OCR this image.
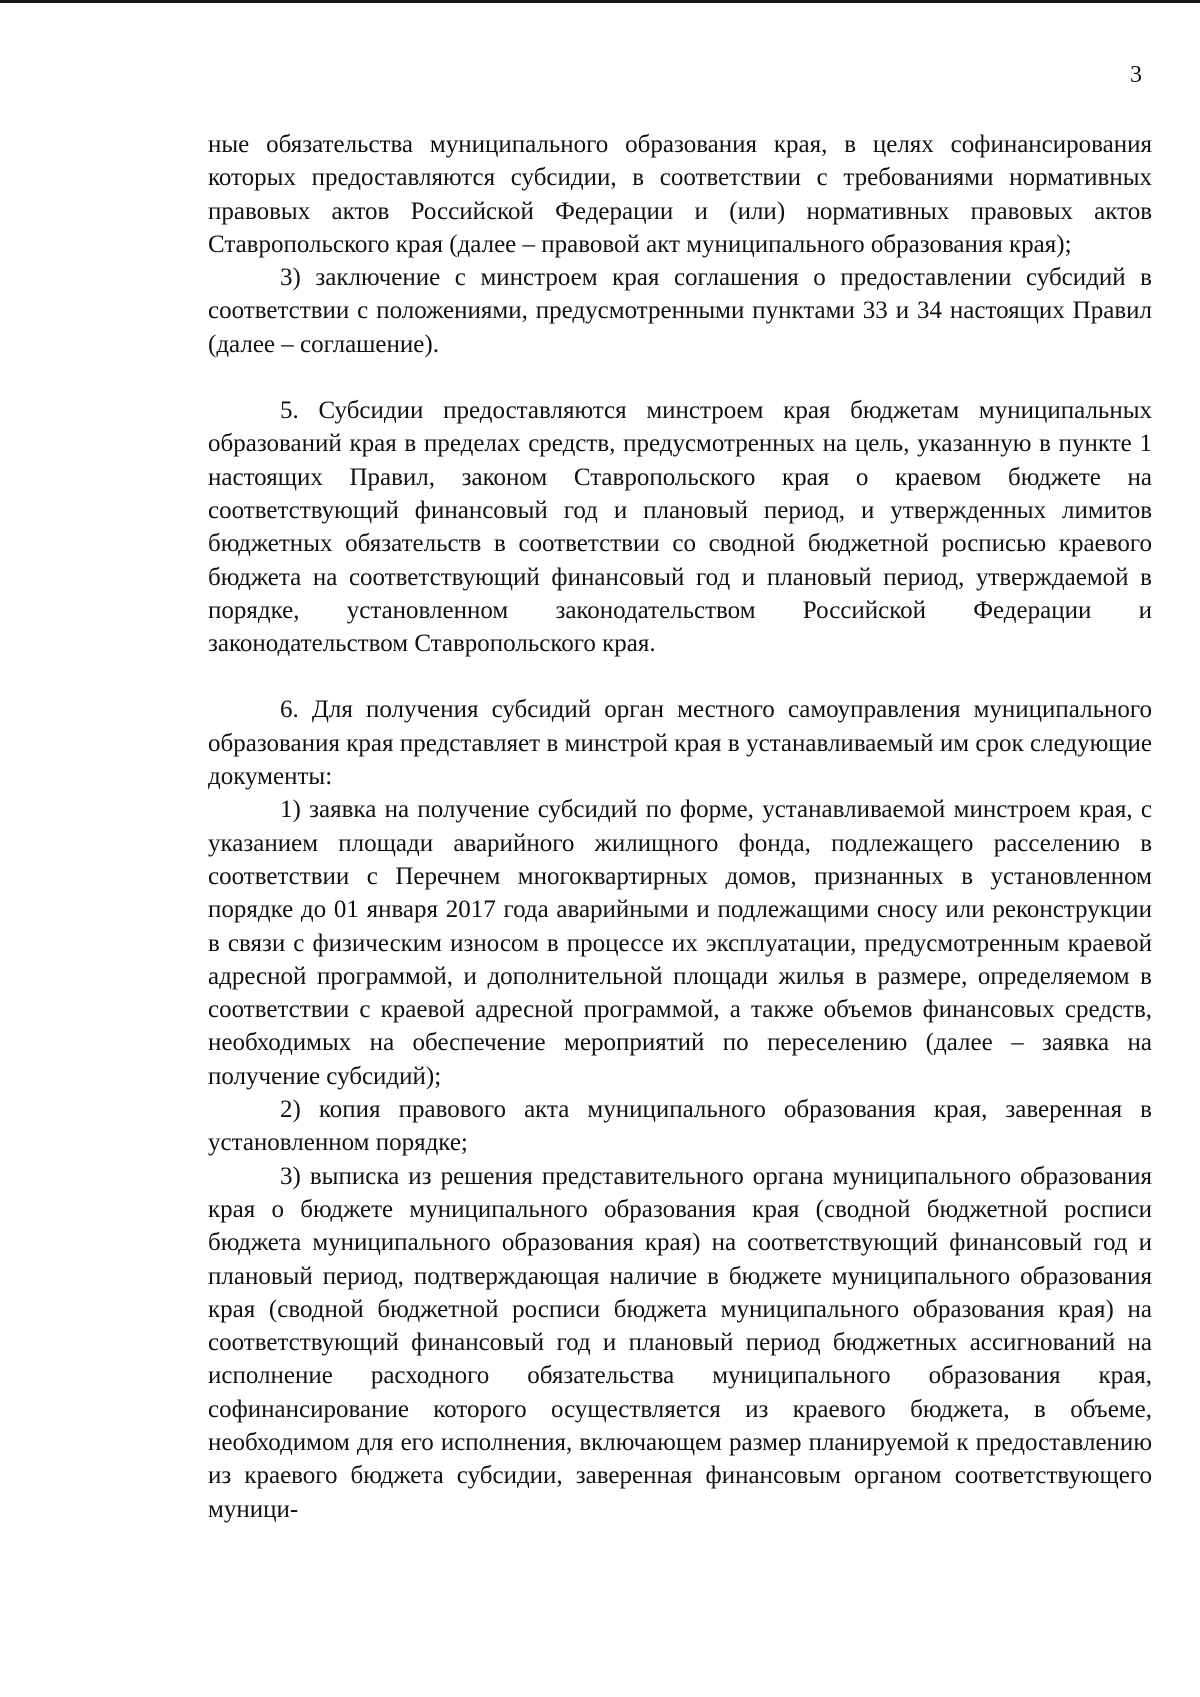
3

ные обязательства муниципального образования края, в целях софинансирования которых предоставляются субсидии, в соответствии с требованиями нормативных правовых актов Российской Федерации и (или) нормативных правовых актов Ставропольского края (далее – правовой акт муниципального образования края);

3) заключение с минстроем края соглашения о предоставлении субсидий в соответствии с положениями, предусмотренными пунктами 33 и 34 настоящих Правил (далее – соглашение).

5. Субсидии предоставляются минстроем края бюджетам муниципальных образований края в пределах средств, предусмотренных на цель, указанную в пункте 1 настоящих Правил, законом Ставропольского края о краевом бюджете на соответствующий финансовый год и плановый период, и утвержденных лимитов бюджетных обязательств в соответствии со сводной бюджетной росписью краевого бюджета на соответствующий финансовый год и плановый период, утверждаемой в порядке, установленном законодательством Российской Федерации и законодательством Ставропольского края.

6. Для получения субсидий орган местного самоуправления муниципального образования края представляет в минстрой края в устанавливаемый им срок следующие документы:

1) заявка на получение субсидий по форме, устанавливаемой минстроем края, с указанием площади аварийного жилищного фонда, подлежащего расселению в соответствии с Перечнем многоквартирных домов, признанных в установленном порядке до 01 января 2017 года аварийными и подлежащими сносу или реконструкции в связи с физическим износом в процессе их эксплуатации, предусмотренным краевой адресной программой, и дополнительной площади жилья в размере, определяемом в соответствии с краевой адресной программой, а также объемов финансовых средств, необходимых на обеспечение мероприятий по переселению (далее – заявка на получение субсидий);

2) копия правового акта муниципального образования края, заверенная в установленном порядке;

3) выписка из решения представительного органа муниципального образования края о бюджете муниципального образования края (сводной бюджетной росписи бюджета муниципального образования края) на соответствующий финансовый год и плановый период, подтверждающая наличие в бюджете муниципального образования края (сводной бюджетной росписи бюджета муниципального образования края) на соответствующий финансовый год и плановый период бюджетных ассигнований на исполнение расходного обязательства муниципального образования края, софинансирование которого осуществляется из краевого бюджета, в объеме, необходимом для его исполнения, включающем размер планируемой к предоставлению из краевого бюджета субсидии, заверенная финансовым органом соответствующего муници-
